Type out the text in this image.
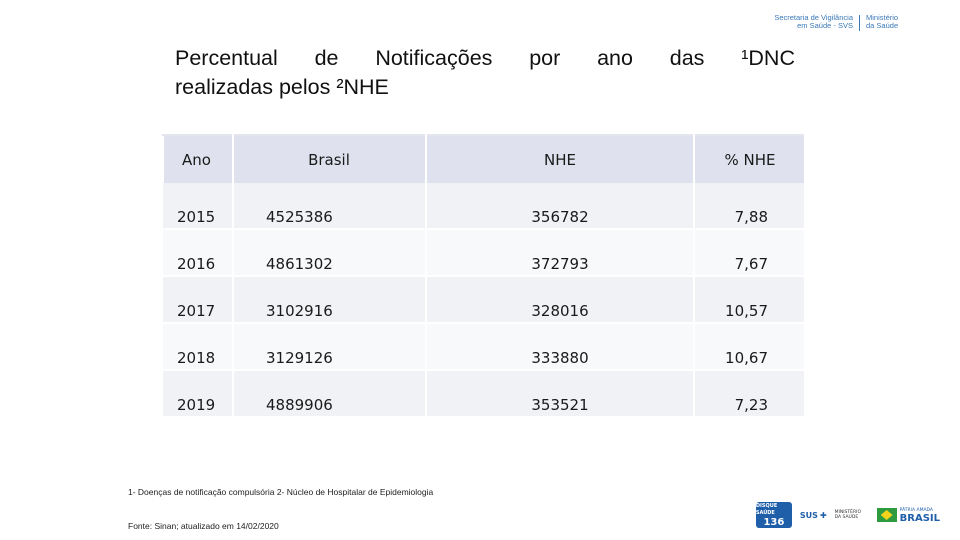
Secretaria de Vigilância em Saúde - SVS
Ministério da Saúde
Percentual de Notificações por ano das ¹DNC
realizadas pelos ²NHE
Ano	Brasil	NHE	% NHE
2015	4525386	356782	7,88
2016	4861302	372793	7,67
2017	3102916	328016	10,57
2018	3129126	333880	10,67
2019	4889906	353521	7,23
1- Doenças de notificação compulsória 2- Núcleo de Hospitalar de Epidemiologia
Fonte: Sinan; atualizado em 14/02/2020
DISQUE SAÚDE
136
SUS ✚ MINISTÉRIO DA SAÚDE
PÁTRIA AMADA
BRASIL
